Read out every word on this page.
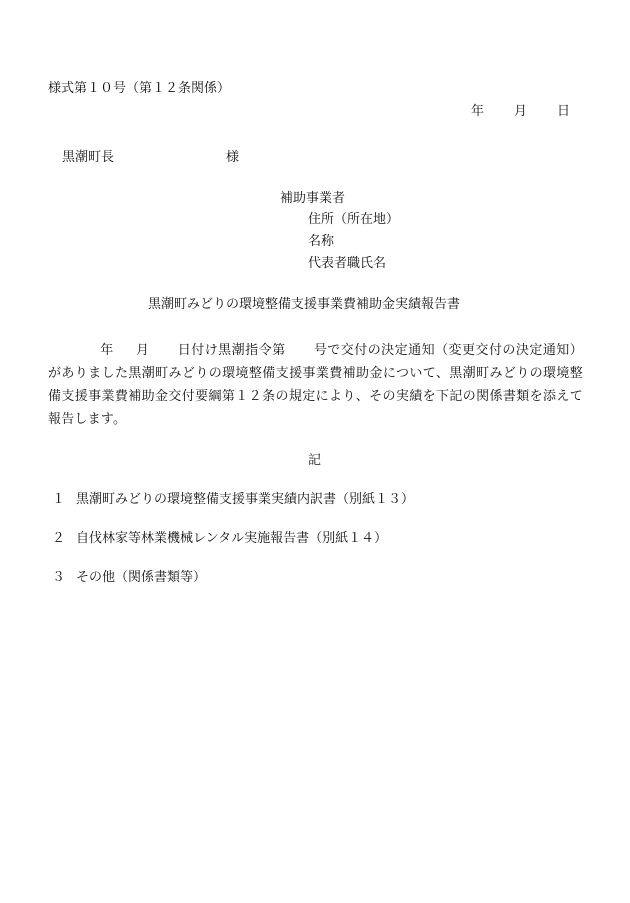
様式第１０号（第１２条関係）
年 月 日
黒潮町長	様
補助事業者
住所（所在地）
名称
代表者職氏名
黒潮町みどりの環境整備支援事業費補助金実績報告書
年 月 日付け黒潮指令第 号で交付の決定通知（変更交付の決定通知）がありました黒潮町みどりの環境整備支援事業費補助金について、黒潮町みどりの環境整備支援事業費補助金交付要綱第１２条の規定により、その実績を下記の関係書類を添えて報告します。
記
１ 黒潮町みどりの環境整備支援事業実績内訳書（別紙１３）
２ 自伐林家等林業機械レンタル実施報告書（別紙１４）
３ その他（関係書類等）
